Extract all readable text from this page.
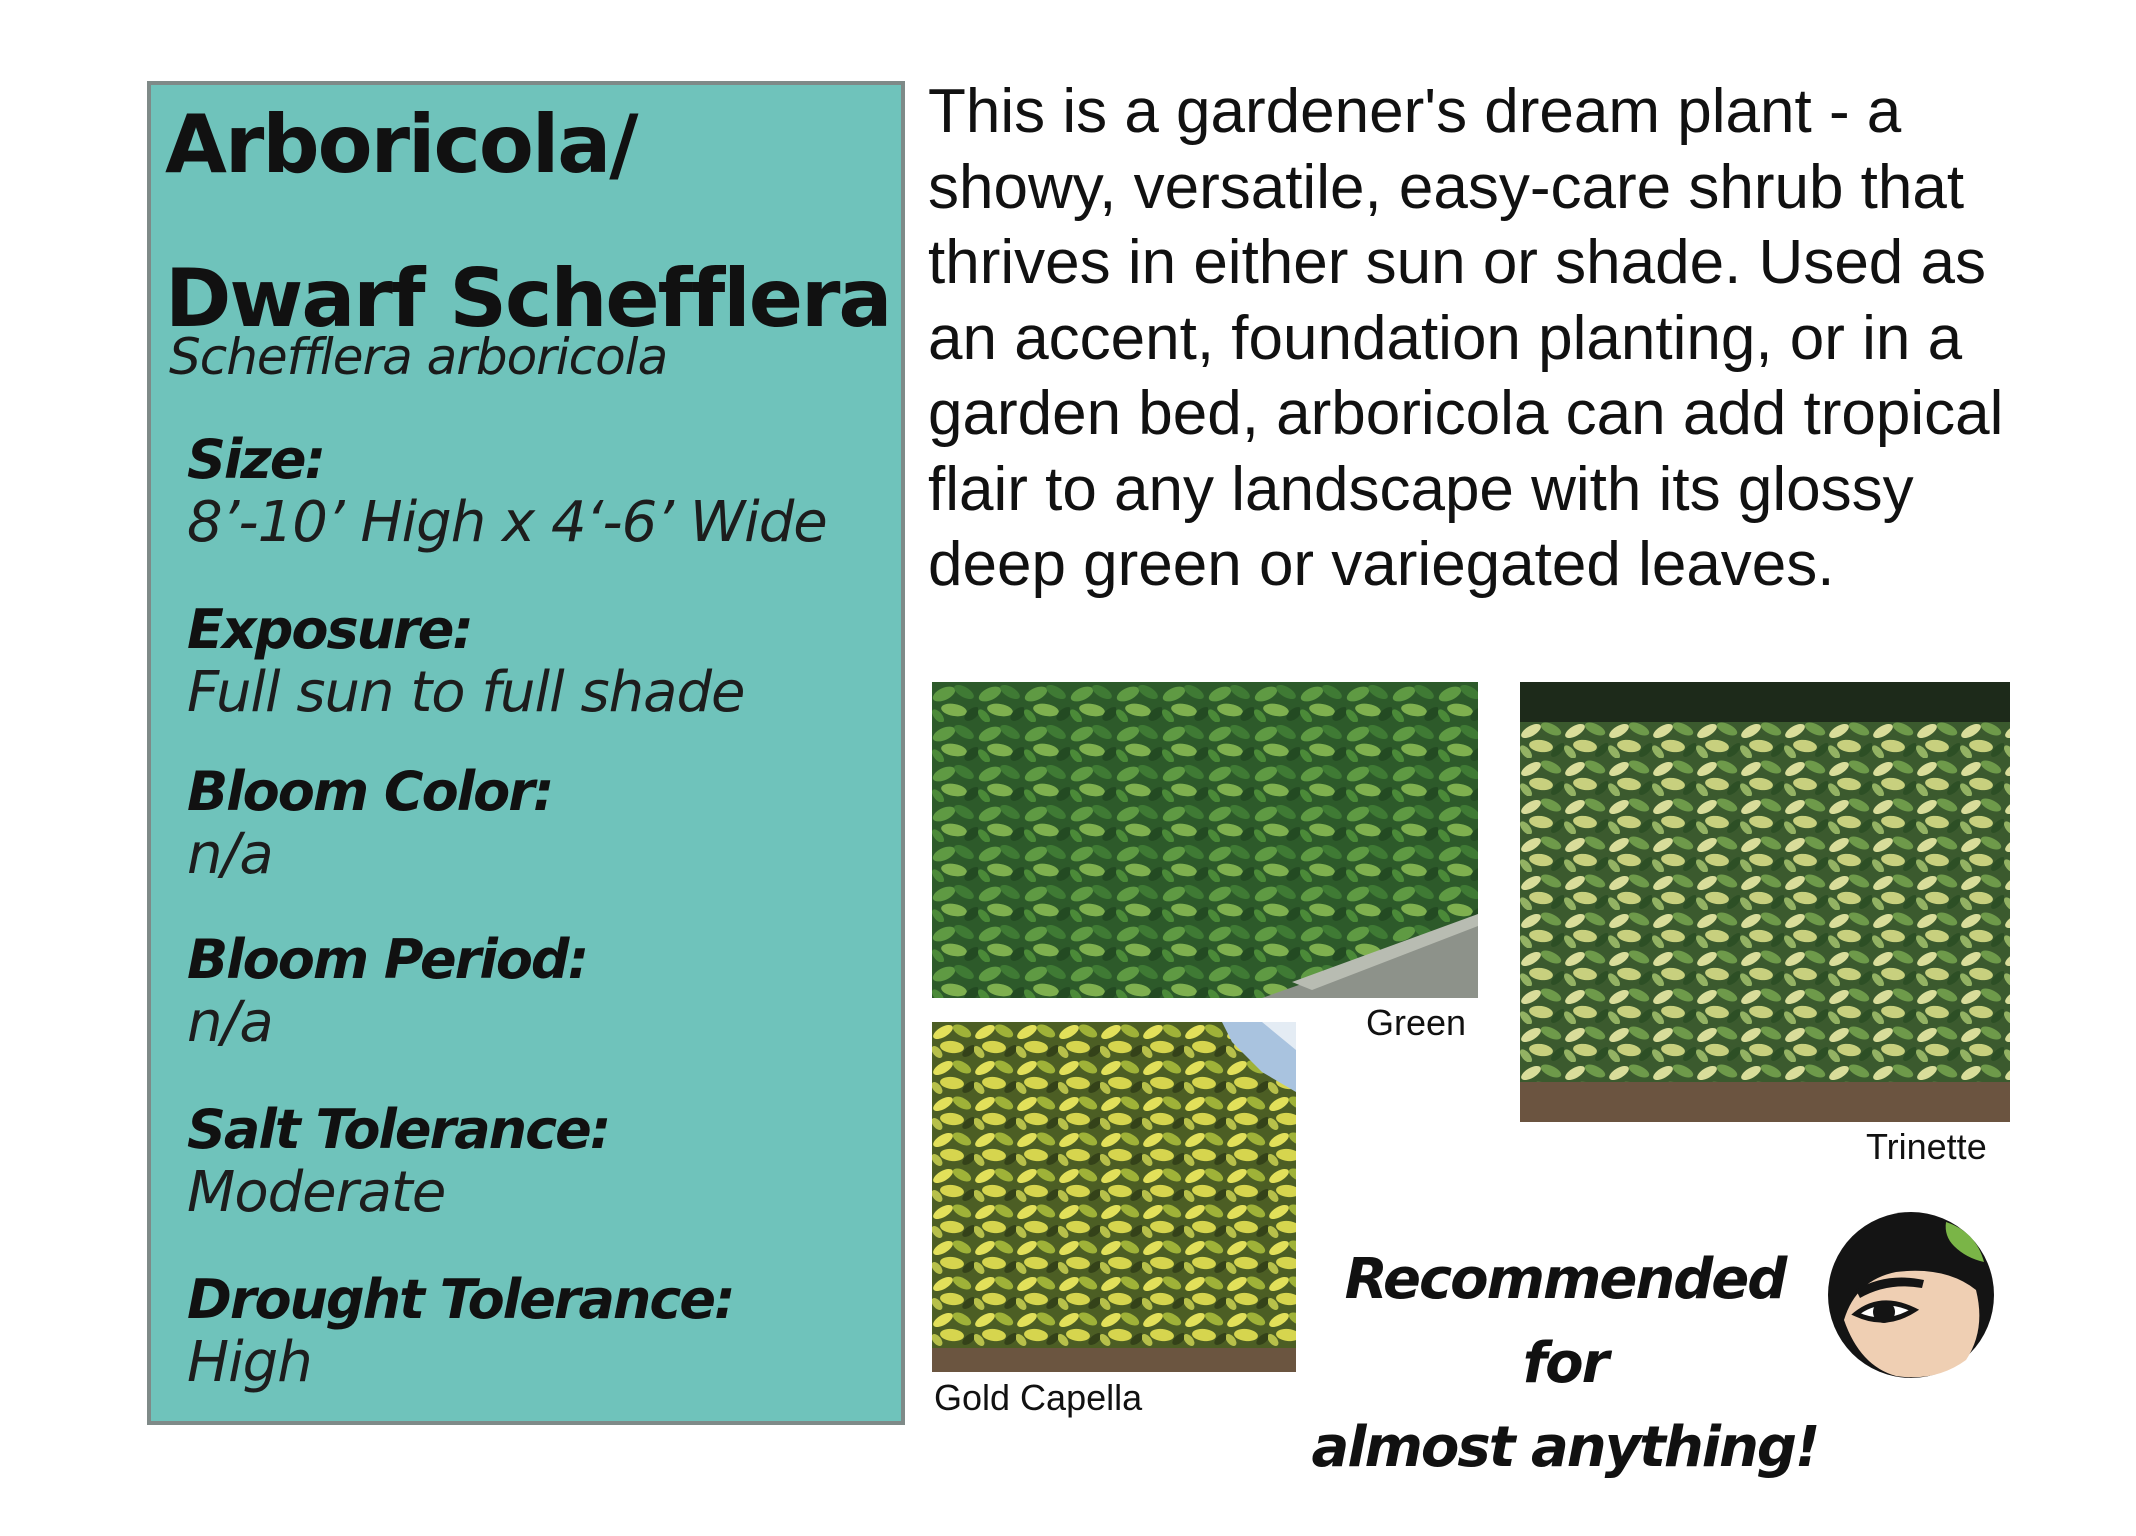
Arboricola/
Dwarf Schefflera
Schefflera arboricola
Size:
8’-10’ High x 4‘-6’ Wide
Exposure:
Full sun to full shade
Bloom Color:
n/a
Bloom Period:
n/a
Salt Tolerance:
Moderate
Drought Tolerance:
High

This is a gardener's dream plant - a showy, versatile, easy-care shrub that thrives in either sun or shade. Used as an accent, foundation planting, or in a garden bed, arboricola can add tropical flair to any landscape with its glossy deep green or variegated leaves.

Green
Trinette
Gold Capella
Recommended for
almost anything!
